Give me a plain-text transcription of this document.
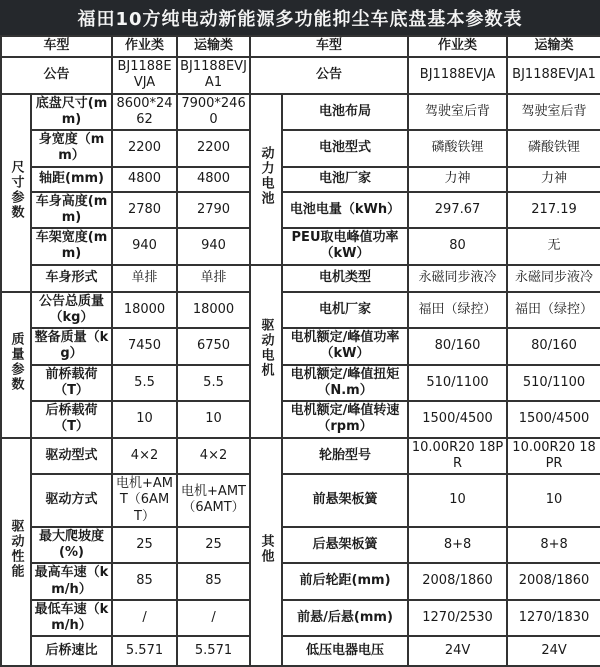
福田10方纯电动新能源多功能抑尘车底盘基本参数表
车型		作业类	运输类	车型		作业类	运输类
公告		BJ1188EVJA	BJ1188EVJA1	公告		BJ1188EVJA	BJ1188EVJA1
尺寸参数	底盘尺寸(mm)	8600*2462	7900*2460	动力电池	电池布局	驾驶室后背	驾驶室后背
	身宽度（mm）	2200	2200		电池型式	磷酸铁锂	磷酸铁锂
	轴距(mm)	4800	4800		电池厂家	力神	力神
	车身高度(mm)	2780	2790		电池电量（kWh）	297.67	217.19
	车架宽度(mm)	940	940		PEU取电峰值功率（kW）	80	无
	车身形式	单排	单排	驱动电机	电机类型	永磁同步液冷	永磁同步液冷
质量参数	公告总质量（kg）	18000	18000		电机厂家	福田（绿控）	福田（绿控）
	整备质量（kg）	7450	6750		电机额定/峰值功率（kW）	80/160	80/160
	前桥载荷（T）	5.5	5.5		电机额定/峰值扭矩（N.m）	510/1100	510/1100
	后桥载荷（T）	10	10		电机额定/峰值转速（rpm）	1500/4500	1500/4500
驱动性能	驱动型式	4×2	4×2	其他	轮胎型号	10.00R20 18PR	10.00R20 18PR
	驱动方式	电机+AMT（6AMT）	电机+AMT（6AMT）		前悬架板簧	10	10
	最大爬坡度(%)	25	25		后悬架板簧	8+8	8+8
	最高车速（km/h）	85	85		前后轮距(mm)	2008/1860	2008/1860
	最低车速（km/h）	/	/		前悬/后悬(mm)	1270/2530	1270/1830
	后桥速比	5.571	5.571		低压电器电压	24V	24V
